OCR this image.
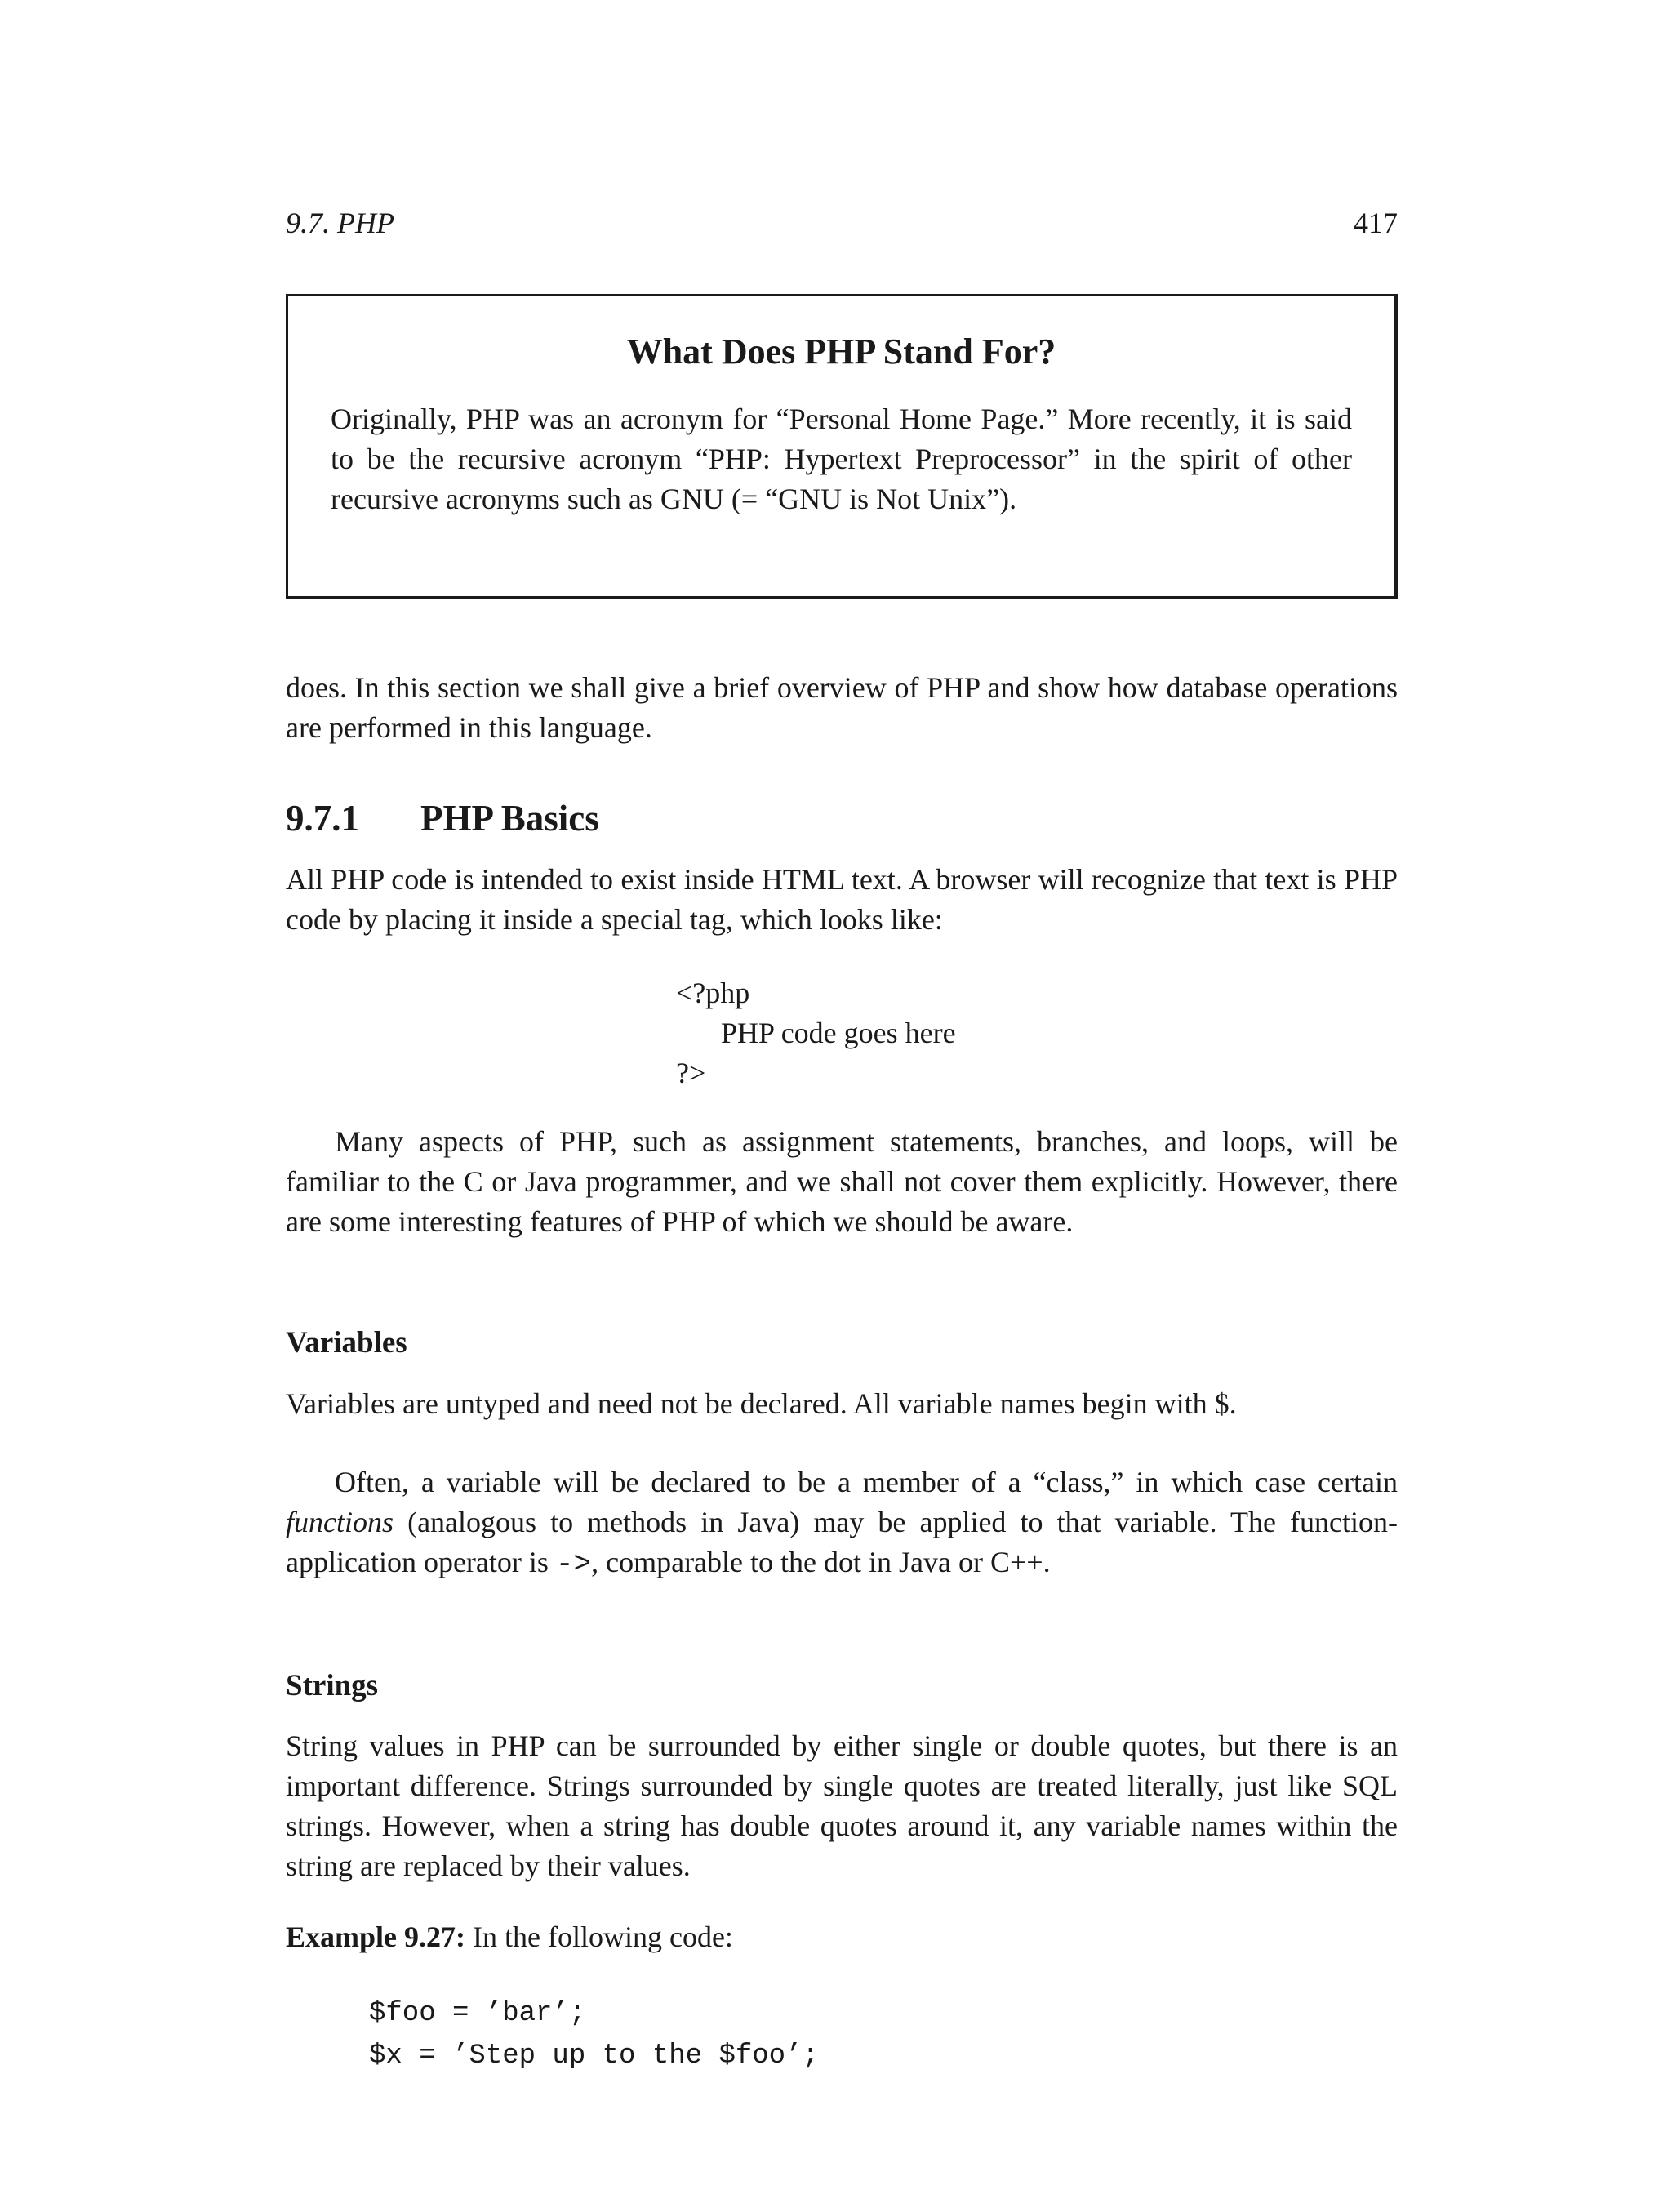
9.7. PHP	417
What Does PHP Stand For?
Originally, PHP was an acronym for “Personal Home Page.” More recently, it is said to be the recursive acronym “PHP: Hypertext Preprocessor” in the spirit of other recursive acronyms such as GNU (= “GNU is Not Unix”).

does. In this section we shall give a brief overview of PHP and show how database operations are performed in this language.

9.7.1 PHP Basics

All PHP code is intended to exist inside HTML text. A browser will recognize that text is PHP code by placing it inside a special tag, which looks like:

<?php
PHP code goes here
?>

Many aspects of PHP, such as assignment statements, branches, and loops, will be familiar to the C or Java programmer, and we shall not cover them explicitly. However, there are some interesting features of PHP of which we should be aware.

Variables

Variables are untyped and need not be declared. All variable names begin with $.

Often, a variable will be declared to be a member of a “class,” in which case certain functions (analogous to methods in Java) may be applied to that variable. The function-application operator is ->, comparable to the dot in Java or C++.

Strings

String values in PHP can be surrounded by either single or double quotes, but there is an important difference. Strings surrounded by single quotes are treated literally, just like SQL strings. However, when a string has double quotes around it, any variable names within the string are replaced by their values.

Example 9.27: In the following code:

$foo = ’bar’;
$x = ’Step up to the $foo’;
